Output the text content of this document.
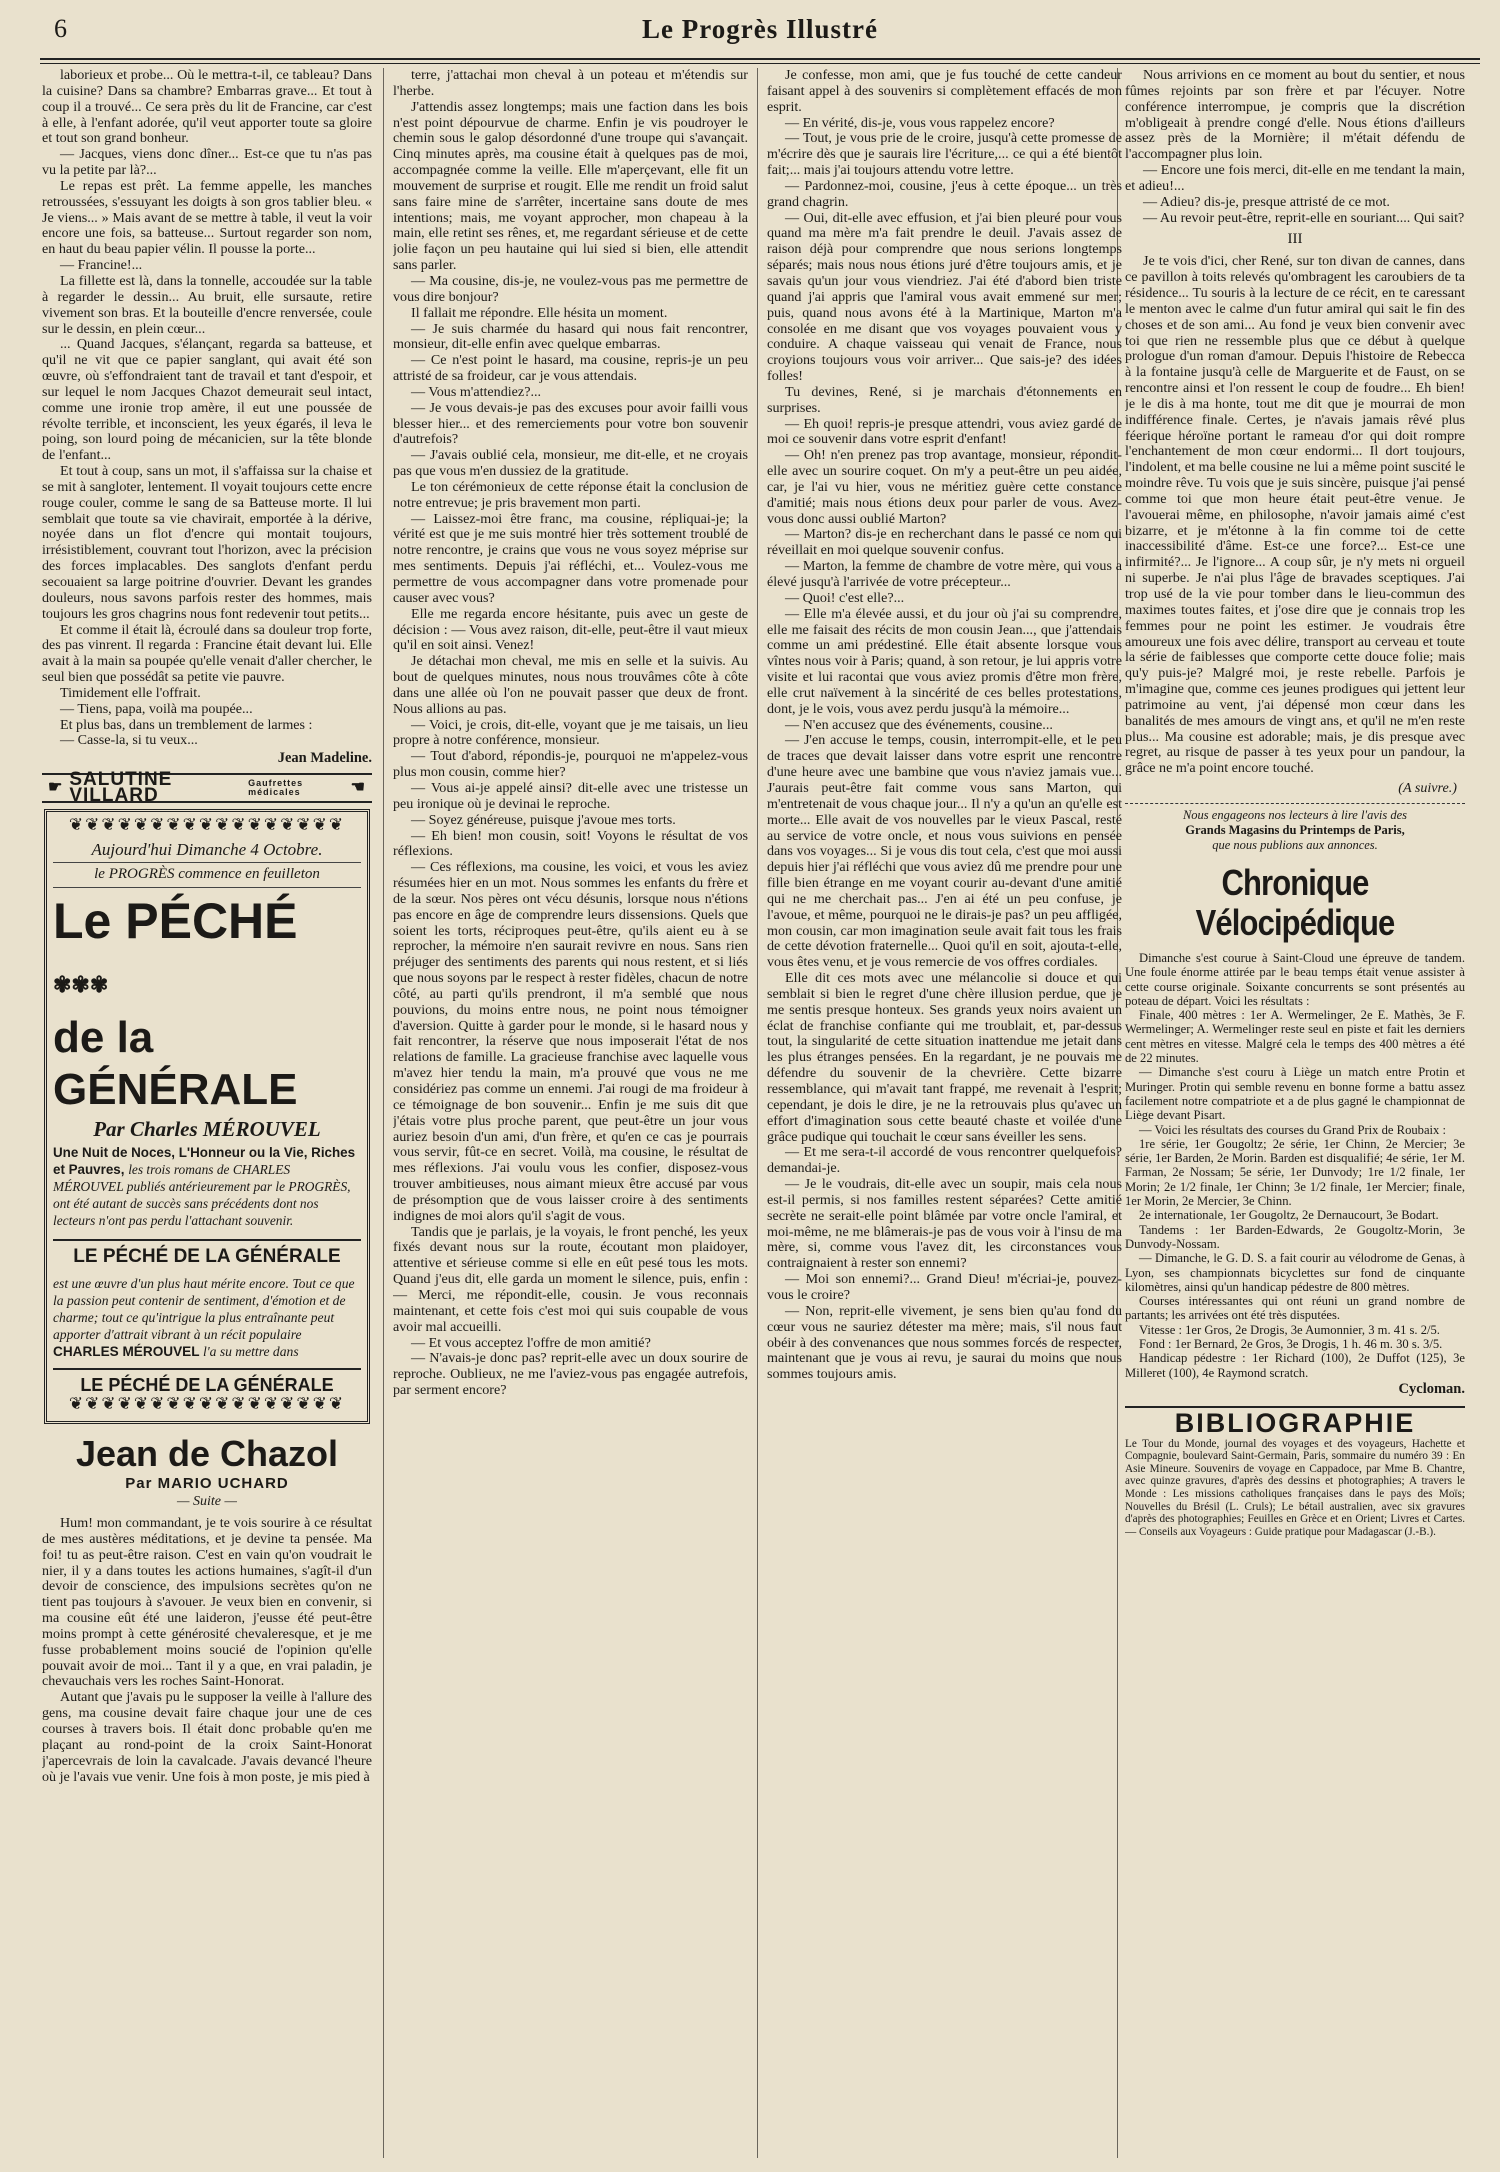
6	Le Progrès Illustré

laborieux et probe... Où le mettra-t-il, ce tableau? Dans la cuisine? Dans sa chambre? Embarras grave... Et tout à coup il a trouvé... Ce sera près du lit de Francine, car c'est à elle, à l'enfant adorée, qu'il veut apporter toute sa gloire et tout son grand bonheur.

— Jacques, viens donc dîner... Est-ce que tu n'as pas vu la petite par là?...

Le repas est prêt. La femme appelle, les manches retroussées, s'essuyant les doigts à son gros tablier bleu. « Je viens... » Mais avant de se mettre à table, il veut la voir encore une fois, sa batteuse... Surtout regarder son nom, en haut du beau papier vélin. Il pousse la porte...

— Francine!...

La fillette est là, dans la tonnelle, accoudée sur la table à regarder le dessin... Au bruit, elle sursaute, retire vivement son bras. Et la bouteille d'encre renversée, coule sur le dessin, en plein cœur...

... Quand Jacques, s'élançant, regarda sa batteuse, et qu'il ne vit que ce papier sanglant, qui avait été son œuvre, où s'effondraient tant de travail et tant d'espoir, et sur lequel le nom Jacques Chazot demeurait seul intact, comme une ironie trop amère, il eut une poussée de révolte terrible, et inconscient, les yeux égarés, il leva le poing, son lourd poing de mécanicien, sur la tête blonde de l'enfant...

Et tout à coup, sans un mot, il s'affaissa sur la chaise et se mit à sangloter, lentement. Il voyait toujours cette encre rouge couler, comme le sang de sa Batteuse morte. Il lui semblait que toute sa vie chavirait, emportée à la dérive, noyée dans un flot d'encre qui montait toujours, irrésistiblement, couvrant tout l'horizon, avec la précision des forces implacables. Des sanglots d'enfant perdu secouaient sa large poitrine d'ouvrier. Devant les grandes douleurs, nous savons parfois rester des hommes, mais toujours les gros chagrins nous font redevenir tout petits...

Et comme il était là, écroulé dans sa douleur trop forte, des pas vinrent. Il regarda : Francine était devant lui. Elle avait à la main sa poupée qu'elle venait d'aller chercher, le seul bien que possédât sa petite vie pauvre.

Timidement elle l'offrait.

— Tiens, papa, voilà ma poupée...

Et plus bas, dans un tremblement de larmes :

— Casse-la, si tu veux...

Jean Madeline.
☛ SALUTINE VILLARD
Gaufrettes médicales	☚
❦❦❦❦❦❦❦❦❦❦❦❦❦❦❦❦❦
Aujourd'hui Dimanche 4 Octobre.
le PROGRÈS commence en feuilleton
Le PÉCHÉ ✾✾✾
de la GÉNÉRALE
Par Charles MÉROUVEL
Une Nuit de Noces, L'Honneur ou la Vie, Riches et Pauvres, les trois romans de CHARLES MÉROUVEL publiés antérieurement par le PROGRÈS, ont été autant de succès sans précédents dont nos lecteurs n'ont pas perdu l'attachant souvenir.
LE PÉCHÉ DE LA GÉNÉRALE
est une œuvre d'un plus haut mérite encore. Tout ce que la passion peut contenir de sentiment, d'émotion et de charme; tout ce qu'intrigue la plus entraînante peut apporter d'attrait vibrant à un récit populaire CHARLES MÉROUVEL l'a su mettre dans
LE PÉCHÉ DE LA GÉNÉRALE
❦❦❦❦❦❦❦❦❦❦❦❦❦❦❦❦❦
Jean de Chazol
Par MARIO UCHARD
— Suite —

Hum! mon commandant, je te vois sourire à ce résultat de mes austères méditations, et je devine ta pensée. Ma foi! tu as peut-être raison. C'est en vain qu'on voudrait le nier, il y a dans toutes les actions humaines, s'agît-il d'un devoir de conscience, des impulsions secrètes qu'on ne tient pas toujours à s'avouer. Je veux bien en convenir, si ma cousine eût été une laideron, j'eusse été peut-être moins prompt à cette générosité chevaleresque, et je me fusse probablement moins soucié de l'opinion qu'elle pouvait avoir de moi... Tant il y a que, en vrai paladin, je chevauchais vers les roches Saint-Honorat.

Autant que j'avais pu le supposer la veille à l'allure des gens, ma cousine devait faire chaque jour une de ces courses à travers bois. Il était donc probable qu'en me plaçant au rond-point de la croix Saint-Honorat j'apercevrais de loin la cavalcade. J'avais devancé l'heure où je l'avais vue venir. Une fois à mon poste, je mis pied à

terre, j'attachai mon cheval à un poteau et m'étendis sur l'herbe.

J'attendis assez longtemps; mais une faction dans les bois n'est point dépourvue de charme. Enfin je vis poudroyer le chemin sous le galop désordonné d'une troupe qui s'avançait. Cinq minutes après, ma cousine était à quelques pas de moi, accompagnée comme la veille. Elle m'aperçevant, elle fit un mouvement de surprise et rougit. Elle me rendit un froid salut sans faire mine de s'arrêter, incertaine sans doute de mes intentions; mais, me voyant approcher, mon chapeau à la main, elle retint ses rênes, et, me regardant sérieuse et de cette jolie façon un peu hautaine qui lui sied si bien, elle attendit sans parler.

— Ma cousine, dis-je, ne voulez-vous pas me permettre de vous dire bonjour?

Il fallait me répondre. Elle hésita un moment.

— Je suis charmée du hasard qui nous fait rencontrer, monsieur, dit-elle enfin avec quelque embarras.

— Ce n'est point le hasard, ma cousine, repris-je un peu attristé de sa froideur, car je vous attendais.

— Vous m'attendiez?...

— Je vous devais-je pas des excuses pour avoir failli vous blesser hier... et des remerciements pour votre bon souvenir d'autrefois?

— J'avais oublié cela, monsieur, me dit-elle, et ne croyais pas que vous m'en dussiez de la gratitude.

Le ton cérémonieux de cette réponse était la conclusion de notre entrevue; je pris bravement mon parti.

— Laissez-moi être franc, ma cousine, répliquai-je; la vérité est que je me suis montré hier très sottement troublé de notre rencontre, je crains que vous ne vous soyez méprise sur mes sentiments. Depuis j'ai réfléchi, et... Voulez-vous me permettre de vous accompagner dans votre promenade pour causer avec vous?

Elle me regarda encore hésitante, puis avec un geste de décision : — Vous avez raison, dit-elle, peut-être il vaut mieux qu'il en soit ainsi. Venez!

Je détachai mon cheval, me mis en selle et la suivis. Au bout de quelques minutes, nous nous trouvâmes côte à côte dans une allée où l'on ne pouvait passer que deux de front. Nous allions au pas.

— Voici, je crois, dit-elle, voyant que je me taisais, un lieu propre à notre conférence, monsieur.

— Tout d'abord, répondis-je, pourquoi ne m'appelez-vous plus mon cousin, comme hier?

— Vous ai-je appelé ainsi? dit-elle avec une tristesse un peu ironique où je devinai le reproche.

— Soyez généreuse, puisque j'avoue mes torts.

— Eh bien! mon cousin, soit! Voyons le résultat de vos réflexions.

— Ces réflexions, ma cousine, les voici, et vous les aviez résumées hier en un mot. Nous sommes les enfants du frère et de la sœur. Nos pères ont vécu désunis, lorsque nous n'étions pas encore en âge de comprendre leurs dissensions. Quels que soient les torts, réciproques peut-être, qu'ils aient eu à se reprocher, la mémoire n'en saurait revivre en nous. Sans rien préjuger des sentiments des parents qui nous restent, et si liés que nous soyons par le respect à rester fidèles, chacun de notre côté, au parti qu'ils prendront, il m'a semblé que nous pouvions, du moins entre nous, ne point nous témoigner d'aversion. Quitte à garder pour le monde, si le hasard nous y fait rencontrer, la réserve que nous imposerait l'état de nos relations de famille. La gracieuse franchise avec laquelle vous m'avez hier tendu la main, m'a prouvé que vous ne me considériez pas comme un ennemi. J'ai rougi de ma froideur à ce témoignage de bon souvenir... Enfin je me suis dit que j'étais votre plus proche parent, que peut-être un jour vous auriez besoin d'un ami, d'un frère, et qu'en ce cas je pourrais vous servir, fût-ce en secret. Voilà, ma cousine, le résultat de mes réflexions. J'ai voulu vous les confier, disposez-vous trouver ambitieuses, nous aimant mieux être accusé par vous de présomption que de vous laisser croire à des sentiments indignes de moi alors qu'il s'agit de vous.

Tandis que je parlais, je la voyais, le front penché, les yeux fixés devant nous sur la route, écoutant mon plaidoyer, attentive et sérieuse comme si elle en eût pesé tous les mots. Quand j'eus dit, elle garda un moment le silence, puis, enfin : — Merci, me répondit-elle, cousin. Je vous reconnais maintenant, et cette fois c'est moi qui suis coupable de vous avoir mal accueilli.

— Et vous acceptez l'offre de mon amitié?

— N'avais-je donc pas? reprit-elle avec un doux sourire de reproche. Oublieux, ne me l'aviez-vous pas engagée autrefois, par serment encore?

Je confesse, mon ami, que je fus touché de cette candeur faisant appel à des souvenirs si complètement effacés de mon esprit.

— En vérité, dis-je, vous vous rappelez encore?

— Tout, je vous prie de le croire, jusqu'à cette promesse de m'écrire dès que je saurais lire l'écriture,... ce qui a été bientôt fait;... mais j'ai toujours attendu votre lettre.

— Pardonnez-moi, cousine, j'eus à cette époque... un très grand chagrin.

— Oui, dit-elle avec effusion, et j'ai bien pleuré pour vous quand ma mère m'a fait prendre le deuil. J'avais assez de raison déjà pour comprendre que nous serions longtemps séparés; mais nous nous étions juré d'être toujours amis, et je savais qu'un jour vous viendriez. J'ai été d'abord bien triste quand j'ai appris que l'amiral vous avait emmené sur mer; puis, quand nous avons été à la Martinique, Marton m'a consolée en me disant que vos voyages pouvaient vous y conduire. A chaque vaisseau qui venait de France, nous croyions toujours vous voir arriver... Que sais-je? des idées folles!

Tu devines, René, si je marchais d'étonnements en surprises.

— Eh quoi! repris-je presque attendri, vous aviez gardé de moi ce souvenir dans votre esprit d'enfant!

— Oh! n'en prenez pas trop avantage, monsieur, répondit-elle avec un sourire coquet. On m'y a peut-être un peu aidée, car, je l'ai vu hier, vous ne méritiez guère cette constance d'amitié; mais nous étions deux pour parler de vous. Avez-vous donc aussi oublié Marton?

— Marton? dis-je en recherchant dans le passé ce nom qui réveillait en moi quelque souvenir confus.

— Marton, la femme de chambre de votre mère, qui vous a élevé jusqu'à l'arrivée de votre précepteur...

— Quoi! c'est elle?...

— Elle m'a élevée aussi, et du jour où j'ai su comprendre, elle me faisait des récits de mon cousin Jean..., que j'attendais comme un ami prédestiné. Elle était absente lorsque vous vîntes nous voir à Paris; quand, à son retour, je lui appris votre visite et lui racontai que vous aviez promis d'être mon frère, elle crut naïvement à la sincérité de ces belles protestations, dont, je le vois, vous avez perdu jusqu'à la mémoire...

— N'en accusez que des événements, cousine...

— J'en accuse le temps, cousin, interrompit-elle, et le peu de traces que devait laisser dans votre esprit une rencontre d'une heure avec une bambine que vous n'aviez jamais vue... J'aurais peut-être fait comme vous sans Marton, qui m'entretenait de vous chaque jour... Il n'y a qu'un an qu'elle est morte... Elle avait de vos nouvelles par le vieux Pascal, resté au service de votre oncle, et nous vous suivions en pensée dans vos voyages... Si je vous dis tout cela, c'est que moi aussi depuis hier j'ai réfléchi que vous aviez dû me prendre pour une fille bien étrange en me voyant courir au-devant d'une amitié qui ne me cherchait pas... J'en ai été un peu confuse, je l'avoue, et même, pourquoi ne le dirais-je pas? un peu affligée, mon cousin, car mon imagination seule avait fait tous les frais de cette dévotion fraternelle... Quoi qu'il en soit, ajouta-t-elle, vous êtes venu, et je vous remercie de vos offres cordiales.

Elle dit ces mots avec une mélancolie si douce et qui semblait si bien le regret d'une chère illusion perdue, que je me sentis presque honteux. Ses grands yeux noirs avaient un éclat de franchise confiante qui me troublait, et, par-dessus tout, la singularité de cette situation inattendue me jetait dans les plus étranges pensées. En la regardant, je ne pouvais me défendre du souvenir de la chevrière. Cette bizarre ressemblance, qui m'avait tant frappé, me revenait à l'esprit; cependant, je dois le dire, je ne la retrouvais plus qu'avec un effort d'imagination sous cette beauté chaste et voilée d'une grâce pudique qui touchait le cœur sans éveiller les sens.

— Et me sera-t-il accordé de vous rencontrer quelquefois? demandai-je.

— Je le voudrais, dit-elle avec un soupir, mais cela nous est-il permis, si nos familles restent séparées? Cette amitié secrète ne serait-elle point blâmée par votre oncle l'amiral, et moi-même, ne me blâmerais-je pas de vous voir à l'insu de ma mère, si, comme vous l'avez dit, les circonstances vous contraignaient à rester son ennemi?

— Moi son ennemi?... Grand Dieu! m'écriai-je, pouvez-vous le croire?

— Non, reprit-elle vivement, je sens bien qu'au fond du cœur vous ne sauriez détester ma mère; mais, s'il nous faut obéir à des convenances que nous sommes forcés de respecter, maintenant que je vous ai revu, je saurai du moins que nous sommes toujours amis.

Nous arrivions en ce moment au bout du sentier, et nous fûmes rejoints par son frère et par l'écuyer. Notre conférence interrompue, je compris que la discrétion m'obligeait à prendre congé d'elle. Nous étions d'ailleurs assez près de la Mornière; il m'était défendu de l'accompagner plus loin.

— Encore une fois merci, dit-elle en me tendant la main, et adieu!...

— Adieu? dis-je, presque attristé de ce mot.

— Au revoir peut-être, reprit-elle en souriant.... Qui sait?

III

Je te vois d'ici, cher René, sur ton divan de cannes, dans ce pavillon à toits relevés qu'ombragent les caroubiers de ta résidence... Tu souris à la lecture de ce récit, en te caressant le menton avec le calme d'un futur amiral qui sait le fin des choses et de son ami... Au fond je veux bien convenir avec toi que rien ne ressemble plus que ce début à quelque prologue d'un roman d'amour. Depuis l'histoire de Rebecca à la fontaine jusqu'à celle de Marguerite et de Faust, on se rencontre ainsi et l'on ressent le coup de foudre... Eh bien! je le dis à ma honte, tout me dit que je mourrai de mon indifférence finale. Certes, je n'avais jamais rêvé plus féerique héroïne portant le rameau d'or qui doit rompre l'enchantement de mon cœur endormi... Il dort toujours, l'indolent, et ma belle cousine ne lui a même point suscité le moindre rêve. Tu vois que je suis sincère, puisque j'ai pensé comme toi que mon heure était peut-être venue. Je l'avouerai même, en philosophe, n'avoir jamais aimé c'est bizarre, et je m'étonne à la fin comme toi de cette inaccessibilité d'âme. Est-ce une force?... Est-ce une infirmité?... Je l'ignore... A coup sûr, je n'y mets ni orgueil ni superbe. Je n'ai plus l'âge de bravades sceptiques. J'ai trop usé de la vie pour tomber dans le lieu-commun des maximes toutes faites, et j'ose dire que je connais trop les femmes pour ne point les estimer. Je voudrais être amoureux une fois avec délire, transport au cerveau et toute la série de faiblesses que comporte cette douce folie; mais qu'y puis-je? Malgré moi, je reste rebelle. Parfois je m'imagine que, comme ces jeunes prodigues qui jettent leur patrimoine au vent, j'ai dépensé mon cœur dans les banalités de mes amours de vingt ans, et qu'il ne m'en reste plus... Ma cousine est adorable; mais, je dis presque avec regret, au risque de passer à tes yeux pour un pandour, la grâce ne m'a point encore touché.

(A suivre.)
Nous engageons nos lecteurs à lire l'avis des
Grands Magasins du Printemps de Paris,
que nous publions aux annonces.
Chronique Vélocipédique

Dimanche s'est courue à Saint-Cloud une épreuve de tandem. Une foule énorme attirée par le beau temps était venue assister à cette course originale. Soixante concurrents se sont présentés au poteau de départ. Voici les résultats :

Finale, 400 mètres : 1er A. Wermelinger, 2e E. Mathès, 3e F. Wermelinger; A. Wermelinger reste seul en piste et fait les derniers cent mètres en vitesse. Malgré cela le temps des 400 mètres a été de 22 minutes.

— Dimanche s'est couru à Liège un match entre Protin et Muringer. Protin qui semble revenu en bonne forme a battu assez facilement notre compatriote et a de plus gagné le championnat de Liège devant Pisart.

— Voici les résultats des courses du Grand Prix de Roubaix :

1re série, 1er Gougoltz; 2e série, 1er Chinn, 2e Mercier; 3e série, 1er Barden, 2e Morin. Barden est disqualifié; 4e série, 1er M. Farman, 2e Nossam; 5e série, 1er Dunvody; 1re 1/2 finale, 1er Morin; 2e 1/2 finale, 1er Chinn; 3e 1/2 finale, 1er Mercier; finale, 1er Morin, 2e Mercier, 3e Chinn.

2e internationale, 1er Gougoltz, 2e Dernaucourt, 3e Bodart.

Tandems : 1er Barden-Edwards, 2e Gougoltz-Morin, 3e Dunvody-Nossam.

— Dimanche, le G. D. S. a fait courir au vélodrome de Genas, à Lyon, ses championnats bicyclettes sur fond de cinquante kilomètres, ainsi qu'un handicap pédestre de 800 mètres.

Courses intéressantes qui ont réuni un grand nombre de partants; les arrivées ont été très disputées.

Vitesse : 1er Gros, 2e Drogis, 3e Aumonnier, 3 m. 41 s. 2/5.

Fond : 1er Bernard, 2e Gros, 3e Drogis, 1 h. 46 m. 30 s. 3/5.

Handicap pédestre : 1er Richard (100), 2e Duffot (125), 3e Milleret (100), 4e Raymond scratch.

Cycloman.
BIBLIOGRAPHIE
Le Tour du Monde, journal des voyages et des voyageurs, Hachette et Compagnie, boulevard Saint-Germain, Paris, sommaire du numéro 39 : En Asie Mineure. Souvenirs de voyage en Cappadoce, par Mme B. Chantre, avec quinze gravures, d'après des dessins et photographies; A travers le Monde : Les missions catholiques françaises dans le pays des Moïs; Nouvelles du Brésil (L. Cruls); Le bétail australien, avec six gravures d'après des photographies; Feuilles en Grèce et en Orient; Livres et Cartes. — Conseils aux Voyageurs : Guide pratique pour Madagascar (J.-B.).
